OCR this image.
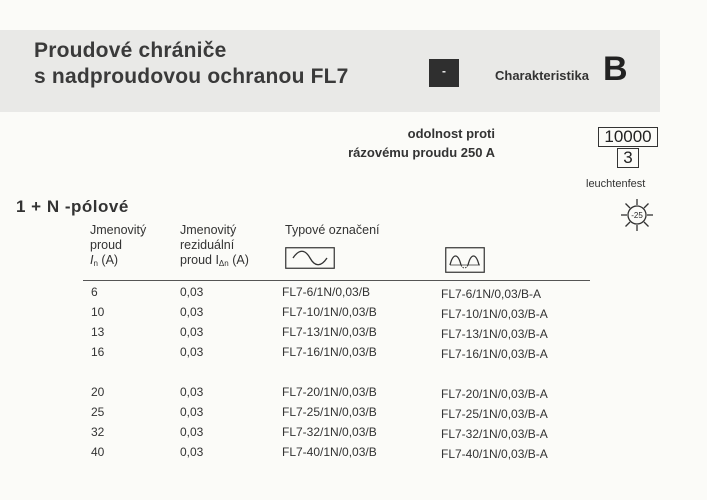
Proudové chrániče
s nadproudovou ochranou FL7	-	Charakteristika B
odolnost proti
rázovému proudu 250 A
10000
3
leuchtenfest
-25
1 + N -pólové
Jmenovitý
proud
$I_n$ (A)
Jmenovitý
reziduální
proud $I_{\Delta n}$ (A)
Typové označení
6	0,03	FL7-6/1N/0,03/B	FL7-6/1N/0,03/B-A
10	0,03	FL7-10/1N/0,03/B	FL7-10/1N/0,03/B-A
13	0,03	FL7-13/1N/0,03/B	FL7-13/1N/0,03/B-A
16	0,03	FL7-16/1N/0,03/B	FL7-16/1N/0,03/B-A
20	0,03	FL7-20/1N/0,03/B	FL7-20/1N/0,03/B-A
25	0,03	FL7-25/1N/0,03/B	FL7-25/1N/0,03/B-A
32	0,03	FL7-32/1N/0,03/B	FL7-32/1N/0,03/B-A
40	0,03	FL7-40/1N/0,03/B	FL7-40/1N/0,03/B-A
